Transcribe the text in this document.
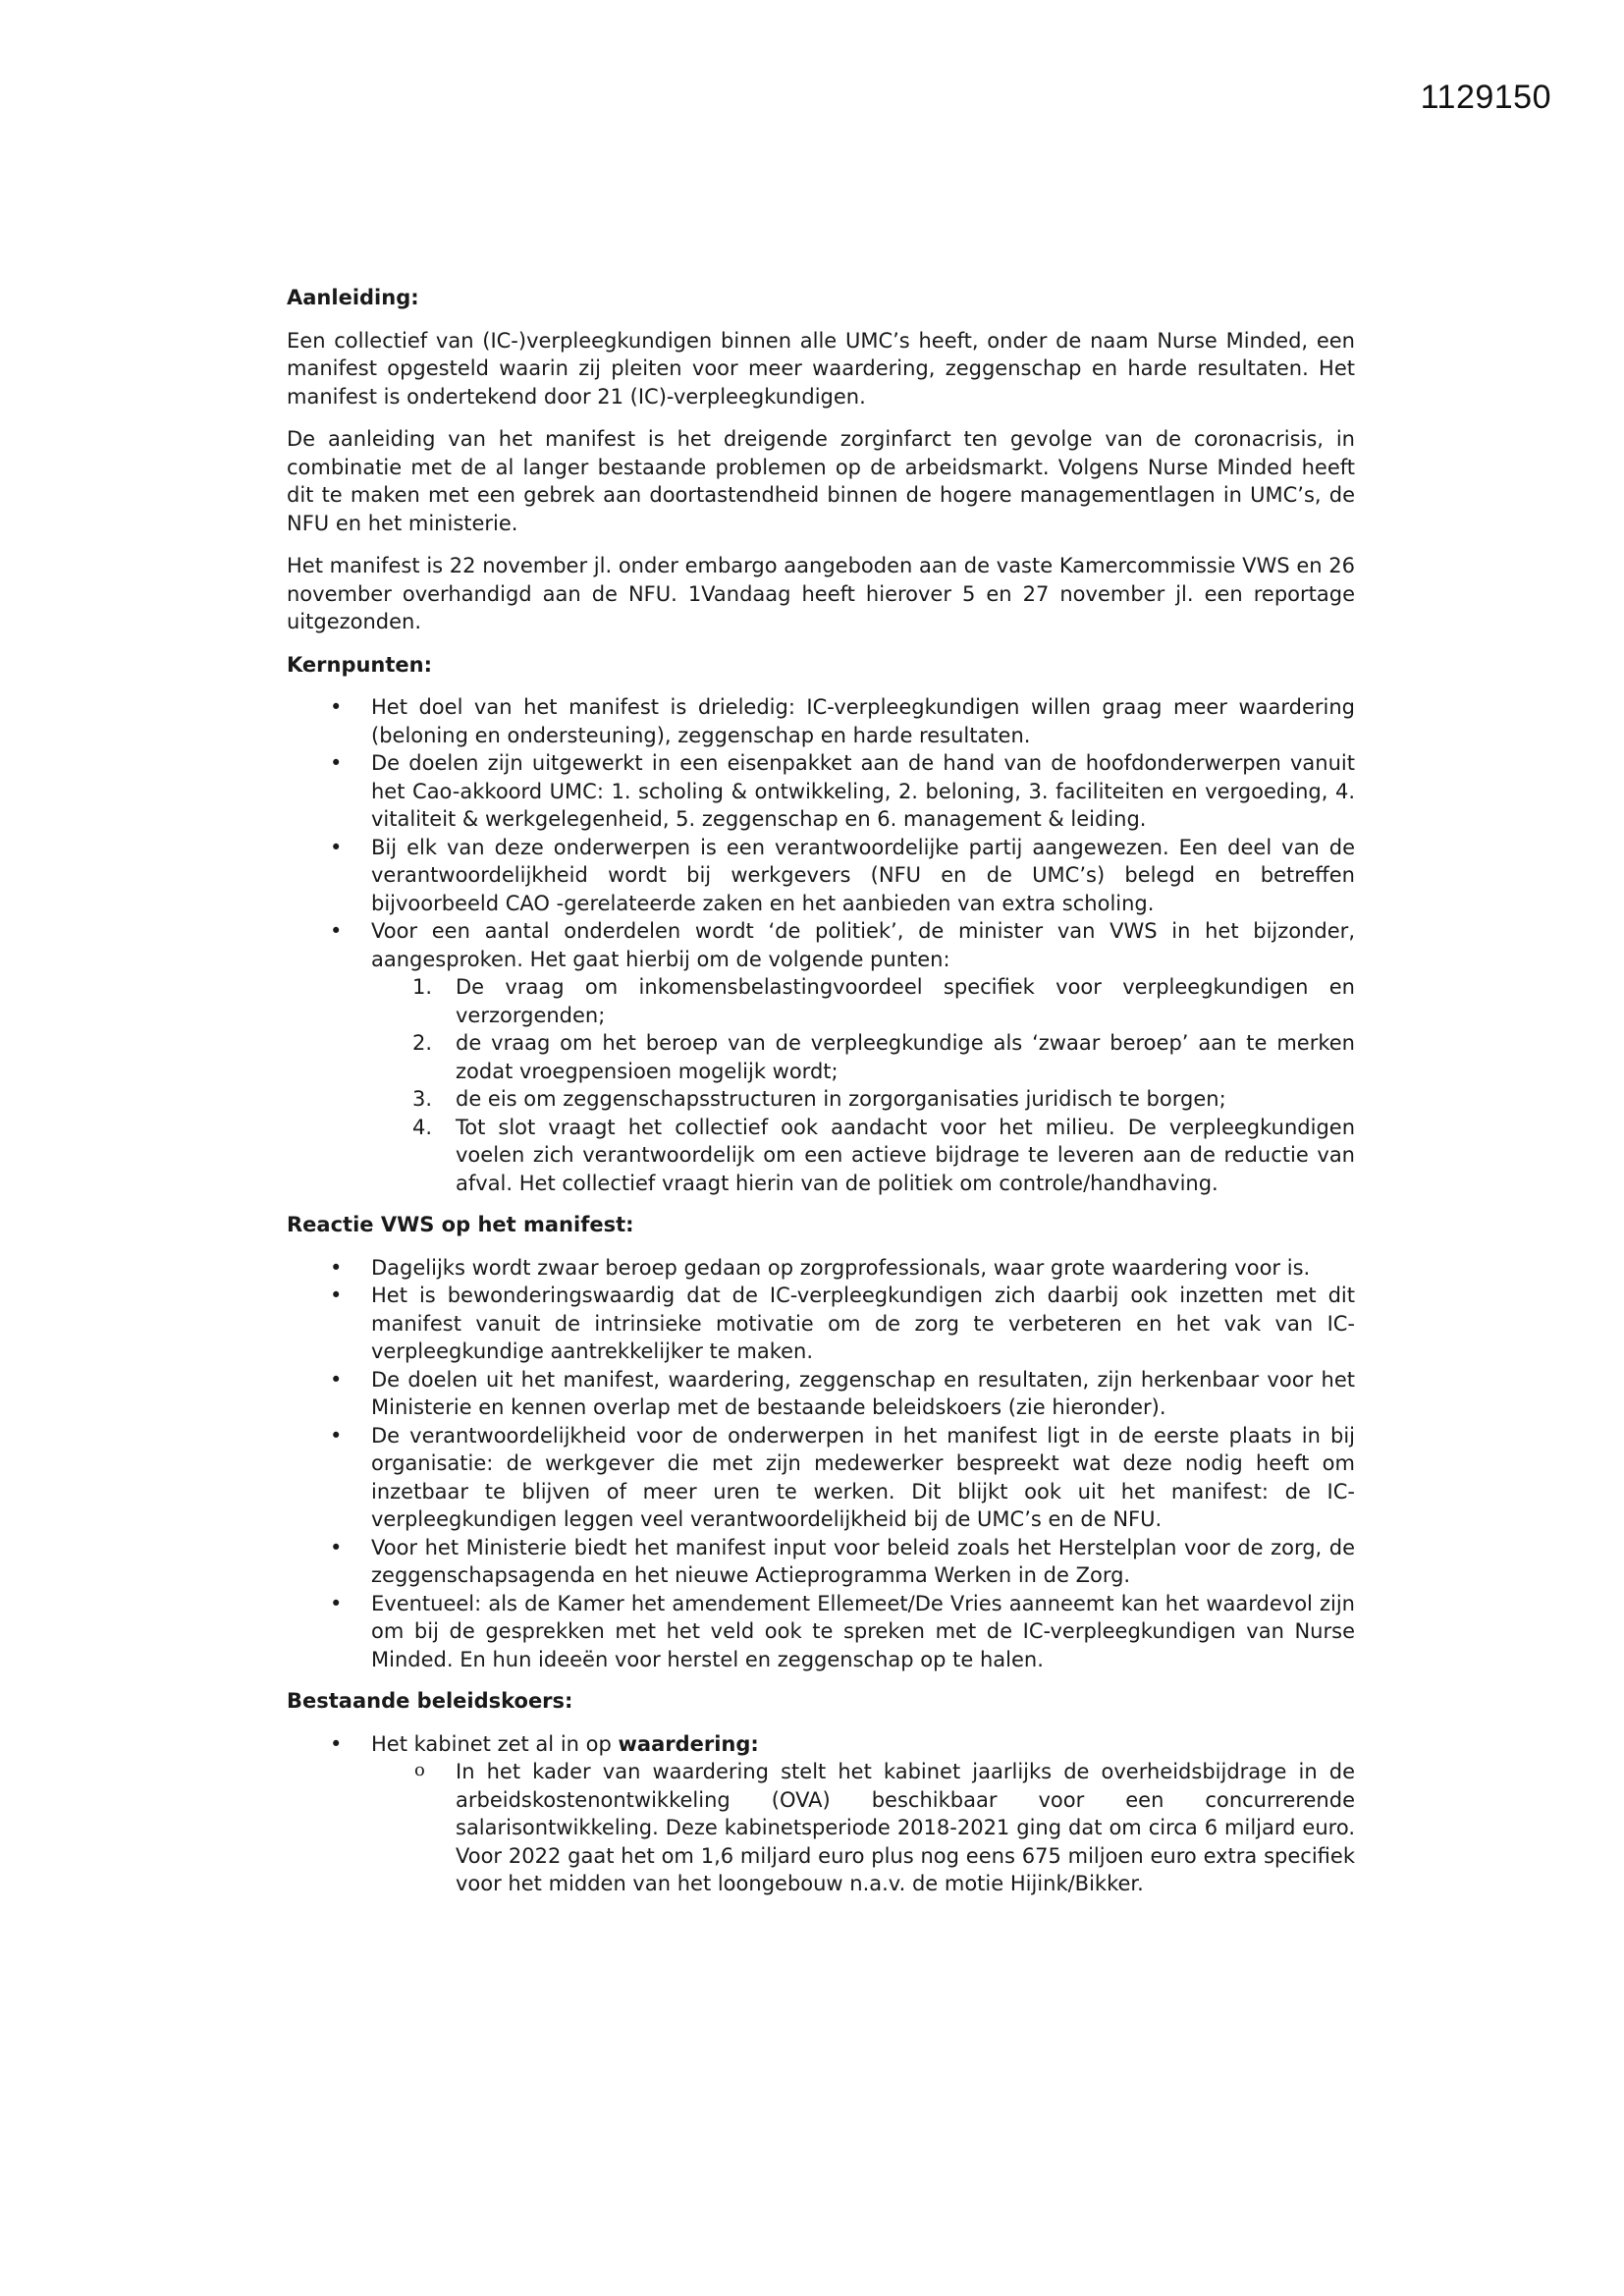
1129150
Aanleiding:

Een collectief van (IC-)verpleegkundigen binnen alle UMC’s heeft, onder de naam Nurse Minded, een manifest opgesteld waarin zij pleiten voor meer waardering, zeggenschap en harde resultaten. Het manifest is ondertekend door 21 (IC)-verpleegkundigen.

De aanleiding van het manifest is het dreigende zorginfarct ten gevolge van de coronacrisis, in combinatie met de al langer bestaande problemen op de arbeidsmarkt. Volgens Nurse Minded heeft dit te maken met een gebrek aan doortastendheid binnen de hogere managementlagen in UMC’s, de NFU en het ministerie.

Het manifest is 22 november jl. onder embargo aangeboden aan de vaste Kamercommissie VWS en 26 november overhandigd aan de NFU. 1Vandaag heeft hierover 5 en 27 november jl. een reportage uitgezonden.

Kernpunten:
• Het doel van het manifest is drieledig: IC-verpleegkundigen willen graag meer waardering (beloning en ondersteuning), zeggenschap en harde resultaten.
• De doelen zijn uitgewerkt in een eisenpakket aan de hand van de hoofdonderwerpen vanuit het Cao-akkoord UMC: 1. scholing & ontwikkeling, 2. beloning, 3. faciliteiten en vergoeding, 4. vitaliteit & werkgelegenheid, 5. zeggenschap en 6. management & leiding.
• Bij elk van deze onderwerpen is een verantwoordelijke partij aangewezen. Een deel van de verantwoordelijkheid wordt bij werkgevers (NFU en de UMC’s) belegd en betreffen bijvoorbeeld CAO -gerelateerde zaken en het aanbieden van extra scholing.
• Voor een aantal onderdelen wordt ‘de politiek’, de minister van VWS in het bijzonder, aangesproken. Het gaat hierbij om de volgende punten:
1. De vraag om inkomensbelastingvoordeel specifiek voor verpleegkundigen en verzorgenden;
2. de vraag om het beroep van de verpleegkundige als ‘zwaar beroep’ aan te merken zodat vroegpensioen mogelijk wordt;
3. de eis om zeggenschapsstructuren in zorgorganisaties juridisch te borgen;
4. Tot slot vraagt het collectief ook aandacht voor het milieu. De verpleegkundigen voelen zich verantwoordelijk om een actieve bijdrage te leveren aan de reductie van afval. Het collectief vraagt hierin van de politiek om controle/handhaving.
Reactie VWS op het manifest:
• Dagelijks wordt zwaar beroep gedaan op zorgprofessionals, waar grote waardering voor is.
• Het is bewonderingswaardig dat de IC-verpleegkundigen zich daarbij ook inzetten met dit manifest vanuit de intrinsieke motivatie om de zorg te verbeteren en het vak van IC-verpleegkundige aantrekkelijker te maken.
• De doelen uit het manifest, waardering, zeggenschap en resultaten, zijn herkenbaar voor het Ministerie en kennen overlap met de bestaande beleidskoers (zie hieronder).
• De verantwoordelijkheid voor de onderwerpen in het manifest ligt in de eerste plaats in bij organisatie: de werkgever die met zijn medewerker bespreekt wat deze nodig heeft om inzetbaar te blijven of meer uren te werken. Dit blijkt ook uit het manifest: de IC-verpleegkundigen leggen veel verantwoordelijkheid bij de UMC’s en de NFU.
• Voor het Ministerie biedt het manifest input voor beleid zoals het Herstelplan voor de zorg, de zeggenschapsagenda en het nieuwe Actieprogramma Werken in de Zorg.
• Eventueel: als de Kamer het amendement Ellemeet/De Vries aanneemt kan het waardevol zijn om bij de gesprekken met het veld ook te spreken met de IC-verpleegkundigen van Nurse Minded. En hun ideeën voor herstel en zeggenschap op te halen.
Bestaande beleidskoers:
• Het kabinet zet al in op waardering:
o In het kader van waardering stelt het kabinet jaarlijks de overheidsbijdrage in de arbeidskostenontwikkeling (OVA) beschikbaar voor een concurrerende salarisontwikkeling. Deze kabinetsperiode 2018-2021 ging dat om circa 6 miljard euro. Voor 2022 gaat het om 1,6 miljard euro plus nog eens 675 miljoen euro extra specifiek voor het midden van het loongebouw n.a.v. de motie Hijink/Bikker.
